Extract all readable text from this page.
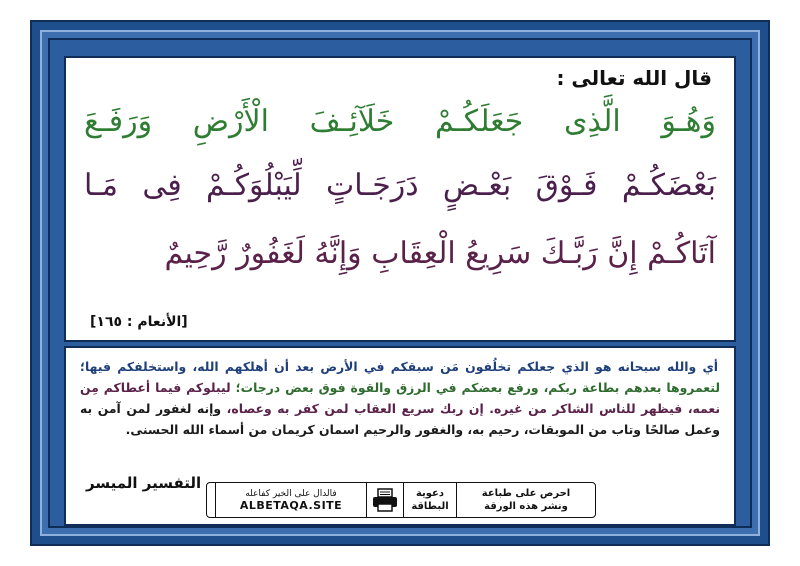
قال الله تعالى :
وَهُـوَ الَّذِى جَعَلَكُـمْ خَلَآئِـفَ الْأَرْضِ وَرَفَـعَ
بَعْضَكُـمْ فَـوْقَ بَعْـضٍ دَرَجَـاتٍ لِّيَبْلُوَكُـمْ فِى مَـا
آتَاكُـمْ إِنَّ رَبَّـكَ سَرِيعُ الْعِقَابِ وَإِنَّهُ لَغَفُورٌ رَّحِيمٌ
[الأنعام : ١٦٥]
أي والله سبحانه هو الذي جعلكم تخلُفون مَن سبقكم في الأرض بعد أن أهلكهم الله، واستخلفكم فيها؛ لتعمروها بعدهم بطاعة ربكم، ورفع بعضكم في الرزق والقوة فوق بعض درجات؛ ليبلوكم فيما أعطاكم مِن نعمه، فيظهر للناس الشاكر من غيره. إن ربك سريع العقاب لمن كفر به وعصاه، وإنه لغفور لمن آمن به وعمل صالحًا وتاب من الموبقات، رحيم به، والغفور والرحيم اسمان كريمان من أسماء الله الحسنى.
التفسير الميسر
فالدال على الخير كفاعله
ALBETAQA.SITE
دعوية
البطاقة
احرص على طباعة
ونشر هذه الورقة
